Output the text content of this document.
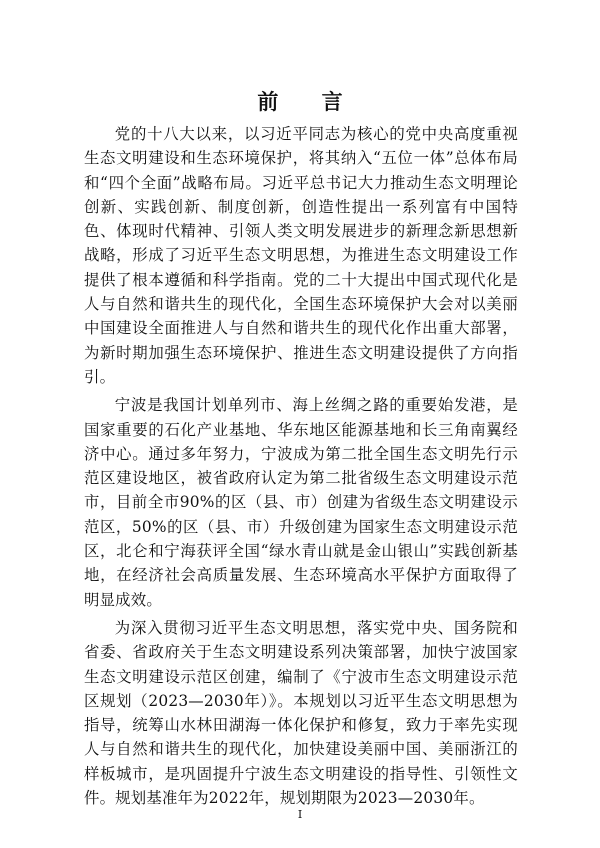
前 言

党的十八大以来，以习近平同志为核心的党中央高度重视生态文明建设和生态环境保护，将其纳入“五位一体”总体布局和“四个全面”战略布局。习近平总书记大力推动生态文明理论创新、实践创新、制度创新，创造性提出一系列富有中国特色、体现时代精神、引领人类文明发展进步的新理念新思想新战略，形成了习近平生态文明思想，为推进生态文明建设工作提供了根本遵循和科学指南。党的二十大提出中国式现代化是人与自然和谐共生的现代化，全国生态环境保护大会对以美丽中国建设全面推进人与自然和谐共生的现代化作出重大部署，为新时期加强生态环境保护、推进生态文明建设提供了方向指引。

宁波是我国计划单列市、海上丝绸之路的重要始发港，是国家重要的石化产业基地、华东地区能源基地和长三角南翼经济中心。通过多年努力，宁波成为第二批全国生态文明先行示范区建设地区，被省政府认定为第二批省级生态文明建设示范市，目前全市90%的区（县、市）创建为省级生态文明建设示范区，50%的区（县、市）升级创建为国家生态文明建设示范区，北仑和宁海获评全国“绿水青山就是金山银山”实践创新基地，在经济社会高质量发展、生态环境高水平保护方面取得了明显成效。

为深入贯彻习近平生态文明思想，落实党中央、国务院和省委、省政府关于生态文明建设系列决策部署，加快宁波国家生态文明建设示范区创建，编制了《宁波市生态文明建设示范区规划（2023—2030年）》。本规划以习近平生态文明思想为指导，统筹山水林田湖海一体化保护和修复，致力于率先实现人与自然和谐共生的现代化，加快建设美丽中国、美丽浙江的样板城市，是巩固提升宁波生态文明建设的指导性、引领性文件。规划基准年为2022年，规划期限为2023—2030年。

I
